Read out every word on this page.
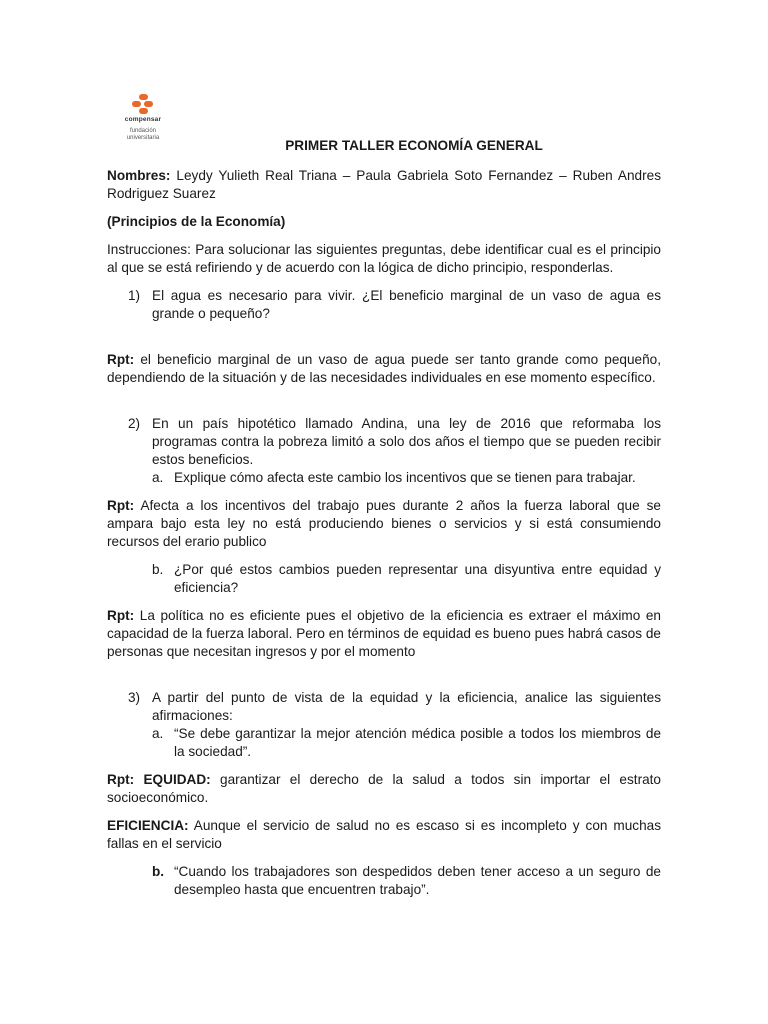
compensar
fundación
universitaria	PRIMER TALLER ECONOMÍA GENERAL

Nombres: Leydy Yulieth Real Triana – Paula Gabriela Soto Fernandez – Ruben Andres Rodriguez Suarez

(Principios de la Economía)

Instrucciones: Para solucionar las siguientes preguntas, debe identificar cual es el principio al que se está refiriendo y de acuerdo con la lógica de dicho principio, responderlas.

1) El agua es necesario para vivir. ¿El beneficio marginal de un vaso de agua es grande o pequeño?

Rpt: el beneficio marginal de un vaso de agua puede ser tanto grande como pequeño, dependiendo de la situación y de las necesidades individuales en ese momento específico.

2) En un país hipotético llamado Andina, una ley de 2016 que reformaba los programas contra la pobreza limitó a solo dos años el tiempo que se pueden recibir estos beneficios.
a. Explique cómo afecta este cambio los incentivos que se tienen para trabajar.

Rpt: Afecta a los incentivos del trabajo pues durante 2 años la fuerza laboral que se ampara bajo esta ley no está produciendo bienes o servicios y si está consumiendo recursos del erario publico

b. ¿Por qué estos cambios pueden representar una disyuntiva entre equidad y eficiencia?

Rpt: La política no es eficiente pues el objetivo de la eficiencia es extraer el máximo en capacidad de la fuerza laboral. Pero en términos de equidad es bueno pues habrá casos de personas que necesitan ingresos y por el momento

3) A partir del punto de vista de la equidad y la eficiencia, analice las siguientes afirmaciones:
a. “Se debe garantizar la mejor atención médica posible a todos los miembros de la sociedad”.

Rpt: EQUIDAD: garantizar el derecho de la salud a todos sin importar el estrato socioeconómico.

EFICIENCIA: Aunque el servicio de salud no es escaso si es incompleto y con muchas fallas en el servicio

b. “Cuando los trabajadores son despedidos deben tener acceso a un seguro de desempleo hasta que encuentren trabajo”.
